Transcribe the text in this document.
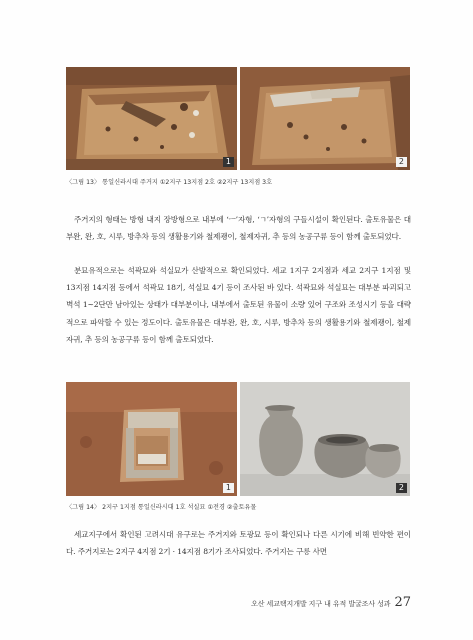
1	2
〈그림 13〉 통일신라시대 주거지 ①2지구 13지점 2호 ②2지구 13지점 3호

주거지의 형태는 방형 내지 장방형으로 내부에 ‘ㅡ’자형, ‘ㄱ’자형의 구들시설이 확인된다. 출토유물은 대부완, 완, 호, 시루, 방추차 등의 생활용기와 철제괭이, 철제자귀, 추 등의 농공구류 등이 함께 출토되었다.

분묘유적으로는 석곽묘와 석실묘가 산발적으로 확인되었다. 세교 1지구 2지점과 세교 2지구 1지점 및 13지점 14지점 등에서 석곽묘 18기, 석실묘 4기 등이 조사된 바 있다. 석곽묘와 석실묘는 대부분 파괴되고 벽석 1~2단만 남아있는 상태가 대부분이나, 내부에서 출토된 유물이 소량 있어 구조와 조성시기 등을 대략적으로 파악할 수 있는 정도이다. 출토유물은 대부완, 완, 호, 시루, 방추차 등의 생활용기와 철제괭이, 철제자귀, 추 등의 농공구류 등이 함께 출토되었다.

1	2
〈그림 14〉 2지구 1지점 통일신라시대 1호 석실묘 ①전경 ②출토유물

세교지구에서 확인된 고려시대 유구로는 주거지와 토광묘 등이 확인되나 다른 시기에 비해 빈약한 편이다. 주거지로는 2지구 4지점 2기 · 14지점 8기가 조사되었다. 주거지는 구릉 사면

오산 세교택지개발 지구 내 유적 발굴조사 성과 27
